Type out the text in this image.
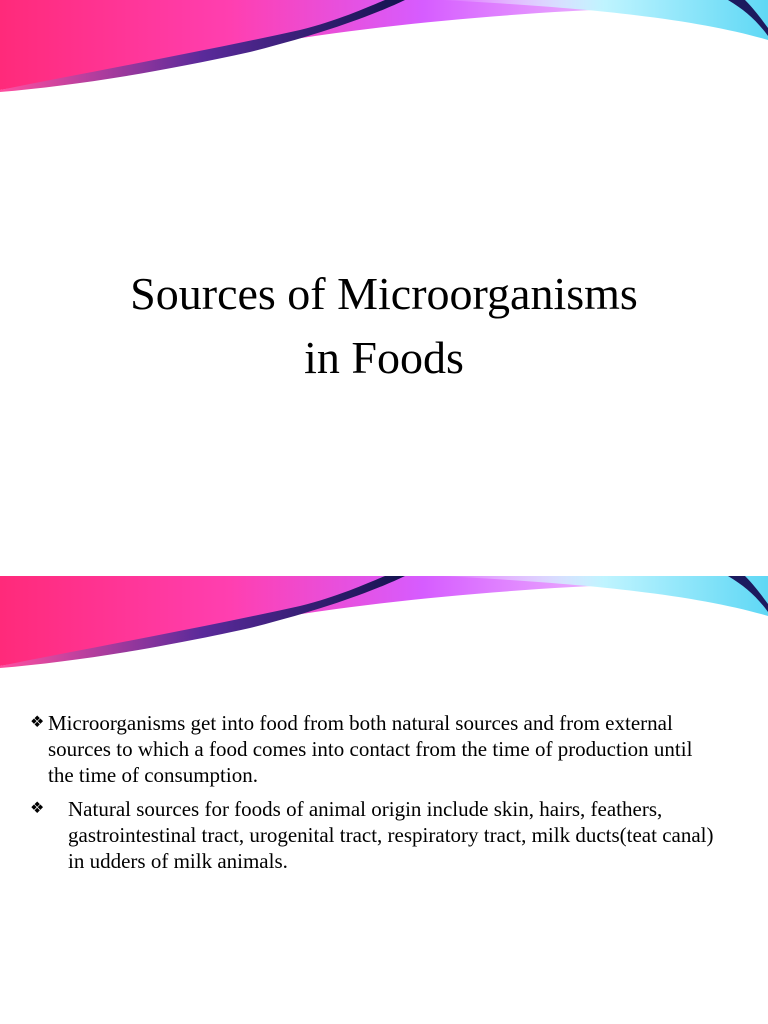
Sources of Microorganisms
in Foods
❖ Microorganisms get into food from both natural sources and from external sources to which a food comes into contact from the time of production until the time of consumption.
❖	Natural sources for foods of animal origin include skin, hairs, feathers, gastrointestinal tract, urogenital tract, respiratory tract, milk ducts(teat canal) in udders of milk animals.
